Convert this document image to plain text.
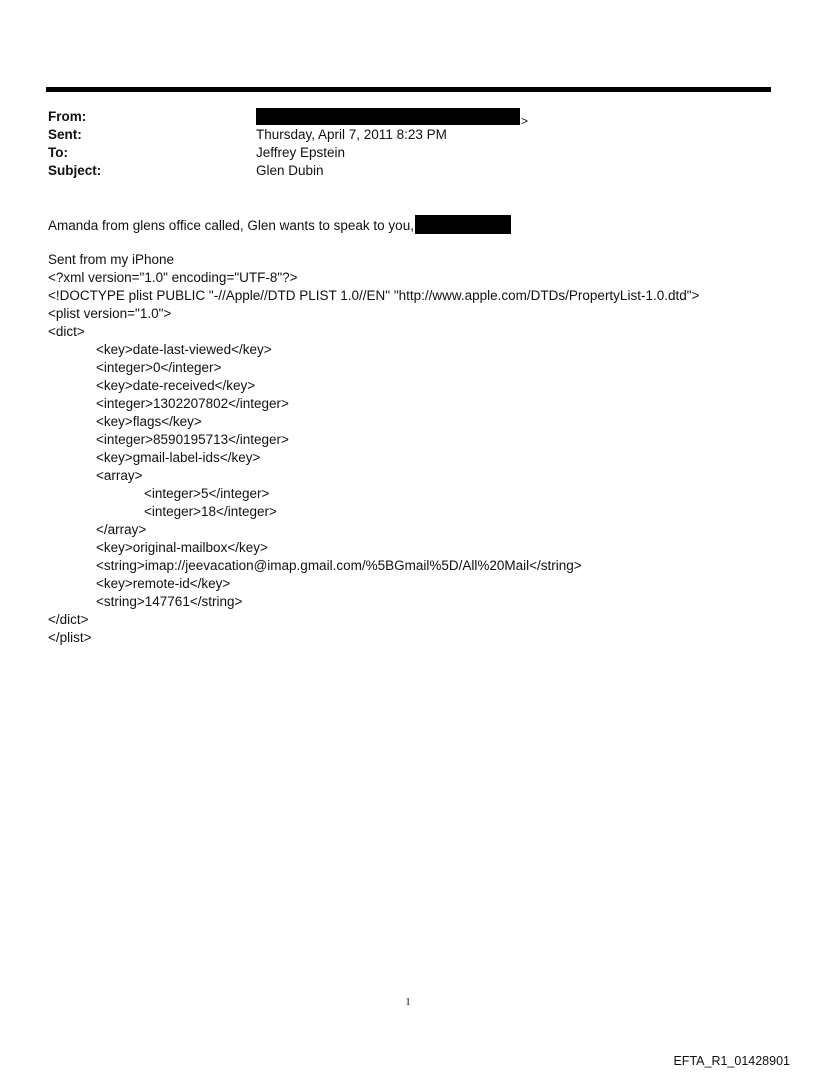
From:	>
Sent:	Thursday, April 7, 2011 8:23 PM
To:	Jeffrey Epstein
Subject:	Glen Dubin
Amanda from glens office called, Glen wants to speak to you,
Sent from my iPhone
<?xml version="1.0" encoding="UTF-8"?>
<!DOCTYPE plist PUBLIC "-//Apple//DTD PLIST 1.0//EN" "http://www.apple.com/DTDs/PropertyList-1.0.dtd">
<plist version="1.0">
<dict>
<key>date-last-viewed</key>
<integer>0</integer>
<key>date-received</key>
<integer>1302207802</integer>
<key>flags</key>
<integer>8590195713</integer>
<key>gmail-label-ids</key>
<array>
<integer>5</integer>
<integer>18</integer>
</array>
<key>original-mailbox</key>
<string>imap://jeevacation@imap.gmail.com/%5BGmail%5D/All%20Mail</string>
<key>remote-id</key>
<string>147761</string>
</dict>
</plist>
1
EFTA_R1_01428901
